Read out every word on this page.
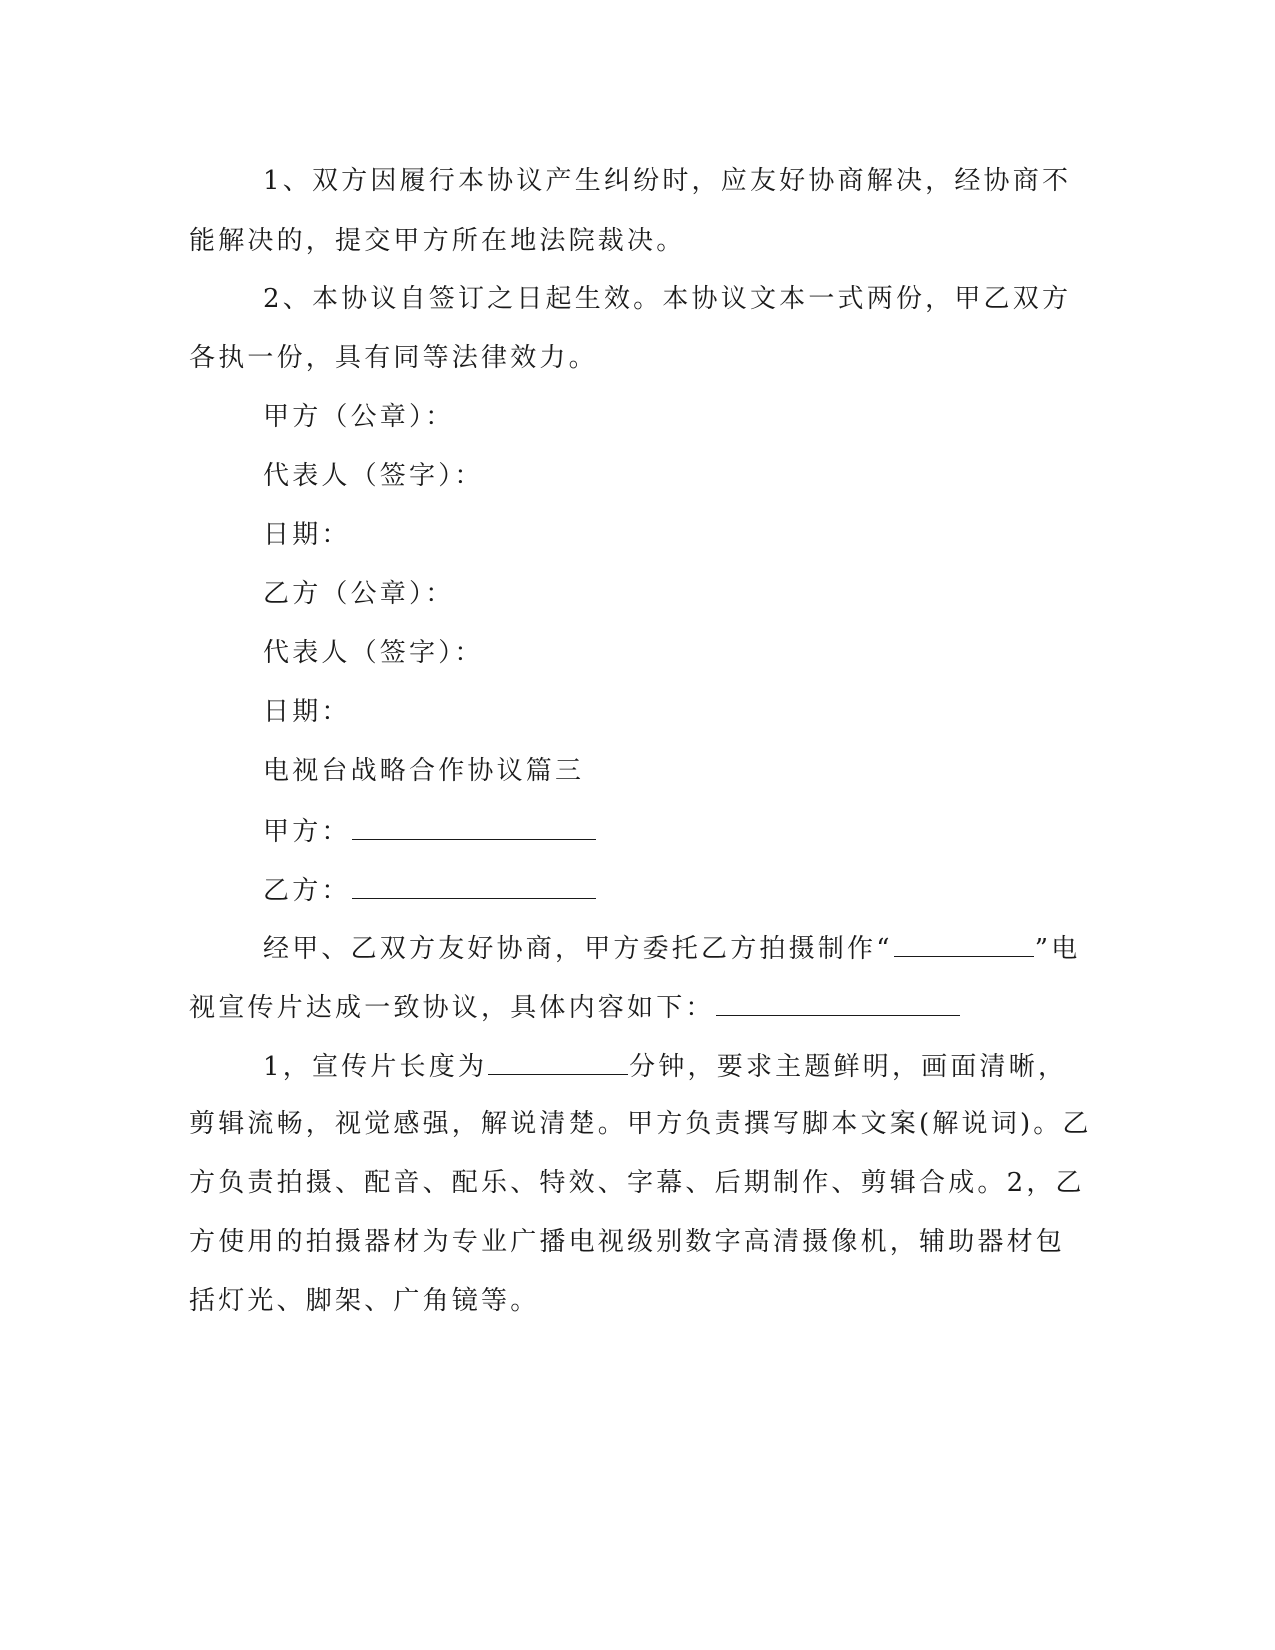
1、双方因履行本协议产生纠纷时，应友好协商解决，经协商不
能解决的，提交甲方所在地法院裁决。
2、本协议自签订之日起生效。本协议文本一式两份，甲乙双方
各执一份，具有同等法律效力。
甲方（公章）：
代表人（签字）：
日期：
乙方（公章）：
代表人（签字）：
日期：
电视台战略合作协议篇三
甲方：
乙方：
经甲、乙双方友好协商，甲方委托乙方拍摄制作“	”电
视宣传片达成一致协议，具体内容如下：
1，宣传片长度为	分钟，要求主题鲜明，画面清晰，
剪辑流畅，视觉感强，解说清楚。甲方负责撰写脚本文案(解说词)。乙
方负责拍摄、配音、配乐、特效、字幕、后期制作、剪辑合成。2，乙
方使用的拍摄器材为专业广播电视级别数字高清摄像机，辅助器材包
括灯光、脚架、广角镜等。
